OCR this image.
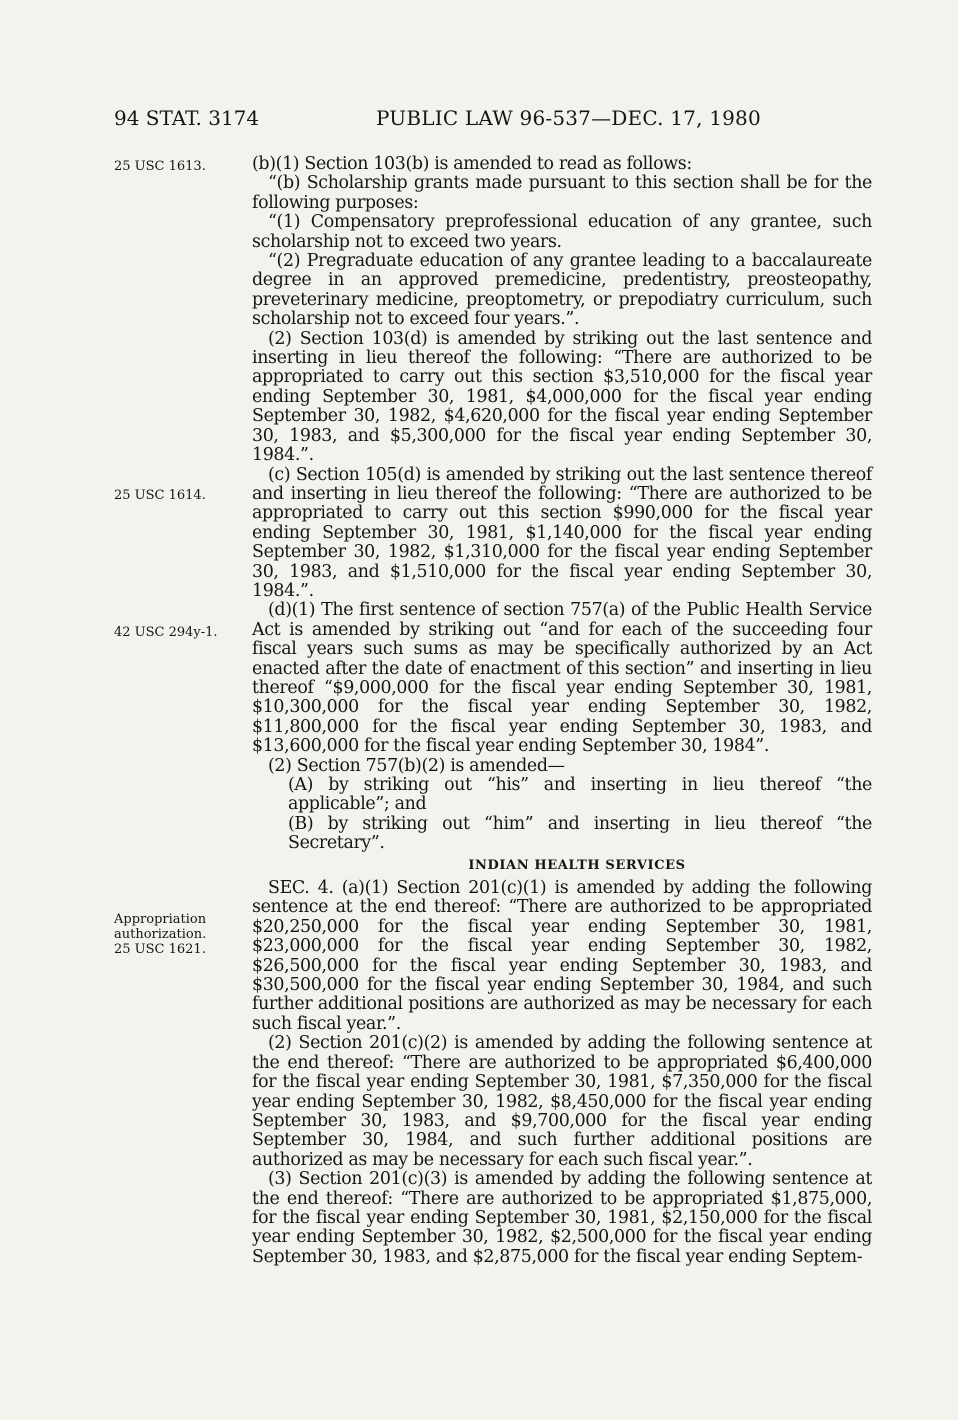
94 STAT. 3174	PUBLIC LAW 96-537—DEC. 17, 1980
25 USC 1613.
25 USC 1614.
42 USC 294y-1.
Appropriation authorization.
25 USC 1621.

(b)(1) Section 103(b) is amended to read as follows:

“(b) Scholarship grants made pursuant to this section shall be for the following purposes:

“(1) Compensatory preprofessional education of any grantee, such scholarship not to exceed two years.

“(2) Pregraduate education of any grantee leading to a baccalaureate degree in an approved premedicine, predentistry, preosteopathy, preveterinary medicine, preoptometry, or prepodiatry curriculum, such scholarship not to exceed four years.”.

(2) Section 103(d) is amended by striking out the last sentence and inserting in lieu thereof the following: “There are authorized to be appropriated to carry out this section $3,510,000 for the fiscal year ending September 30, 1981, $4,000,000 for the fiscal year ending September 30, 1982, $4,620,000 for the fiscal year ending September 30, 1983, and $5,300,000 for the fiscal year ending September 30, 1984.”.

(c) Section 105(d) is amended by striking out the last sentence thereof and inserting in lieu thereof the following: “There are authorized to be appropriated to carry out this section $990,000 for the fiscal year ending September 30, 1981, $1,140,000 for the fiscal year ending September 30, 1982, $1,310,000 for the fiscal year ending September 30, 1983, and $1,510,000 for the fiscal year ending September 30, 1984.”.

(d)(1) The first sentence of section 757(a) of the Public Health Service Act is amended by striking out “and for each of the succeeding four fiscal years such sums as may be specifically authorized by an Act enacted after the date of enactment of this section” and inserting in lieu thereof “$9,000,000 for the fiscal year ending September 30, 1981, $10,300,000 for the fiscal year ending September 30, 1982, $11,800,000 for the fiscal year ending September 30, 1983, and $13,600,000 for the fiscal year ending September 30, 1984”.

(2) Section 757(b)(2) is amended—

(A) by striking out “his” and inserting in lieu thereof “the applicable”; and

(B) by striking out “him” and inserting in lieu thereof “the Secretary”.

INDIAN HEALTH SERVICES

SEC. 4. (a)(1) Section 201(c)(1) is amended by adding the following sentence at the end thereof: “There are authorized to be appropriated $20,250,000 for the fiscal year ending September 30, 1981, $23,000,000 for the fiscal year ending September 30, 1982, $26,500,000 for the fiscal year ending September 30, 1983, and $30,500,000 for the fiscal year ending September 30, 1984, and such further additional positions are authorized as may be necessary for each such fiscal year.”.

(2) Section 201(c)(2) is amended by adding the following sentence at the end thereof: “There are authorized to be appropriated $6,400,000 for the fiscal year ending September 30, 1981, $7,350,000 for the fiscal year ending September 30, 1982, $8,450,000 for the fiscal year ending September 30, 1983, and $9,700,000 for the fiscal year ending September 30, 1984, and such further additional positions are authorized as may be necessary for each such fiscal year.”.

(3) Section 201(c)(3) is amended by adding the following sentence at the end thereof: “There are authorized to be appropriated $1,875,000, for the fiscal year ending September 30, 1981, $2,150,000 for the fiscal year ending September 30, 1982, $2,500,000 for the fiscal year ending September 30, 1983, and $2,875,000 for the fiscal year ending Septem-
